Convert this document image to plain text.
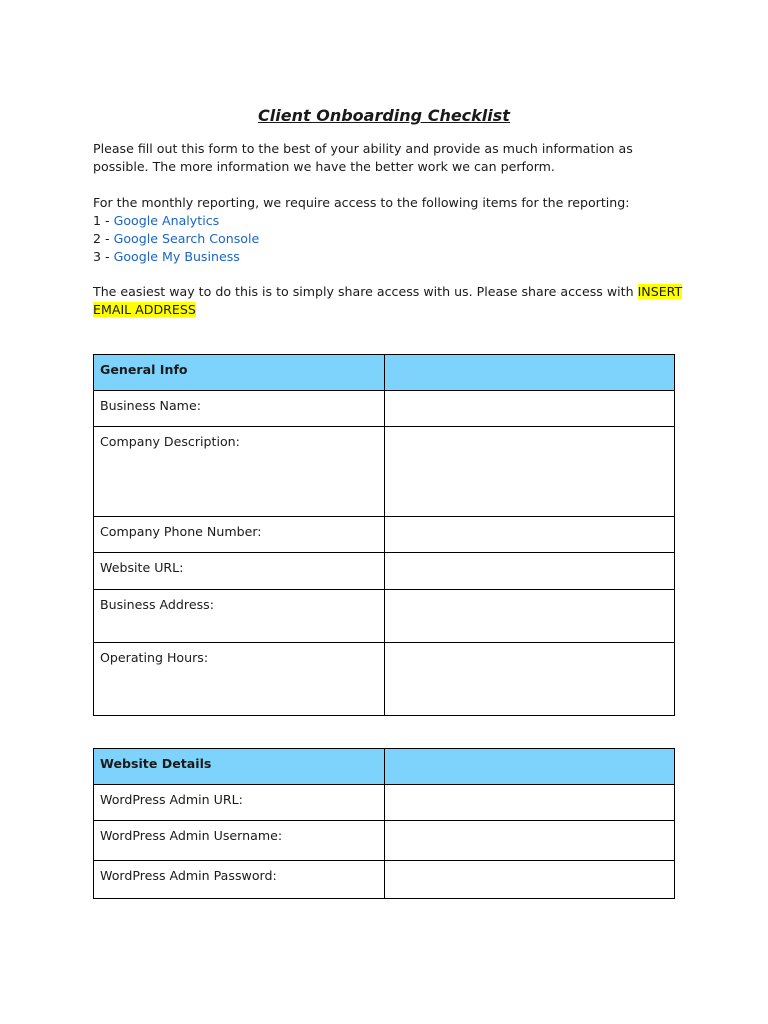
Client Onboarding Checklist
Please fill out this form to the best of your ability and provide as much information as
possible. The more information we have the better work we can perform.
For the monthly reporting, we require access to the following items for the reporting:
1 - Google Analytics
2 - Google Search Console
3 - Google My Business
The easiest way to do this is to simply share access with us. Please share access with INSERT
EMAIL ADDRESS
General Info	

Business Name:	

Company Description:	

Company Phone Number:	

Website URL:	

Business Address:	

Operating Hours:	

Website Details	

WordPress Admin URL:	

WordPress Admin Username:	

WordPress Admin Password:	
